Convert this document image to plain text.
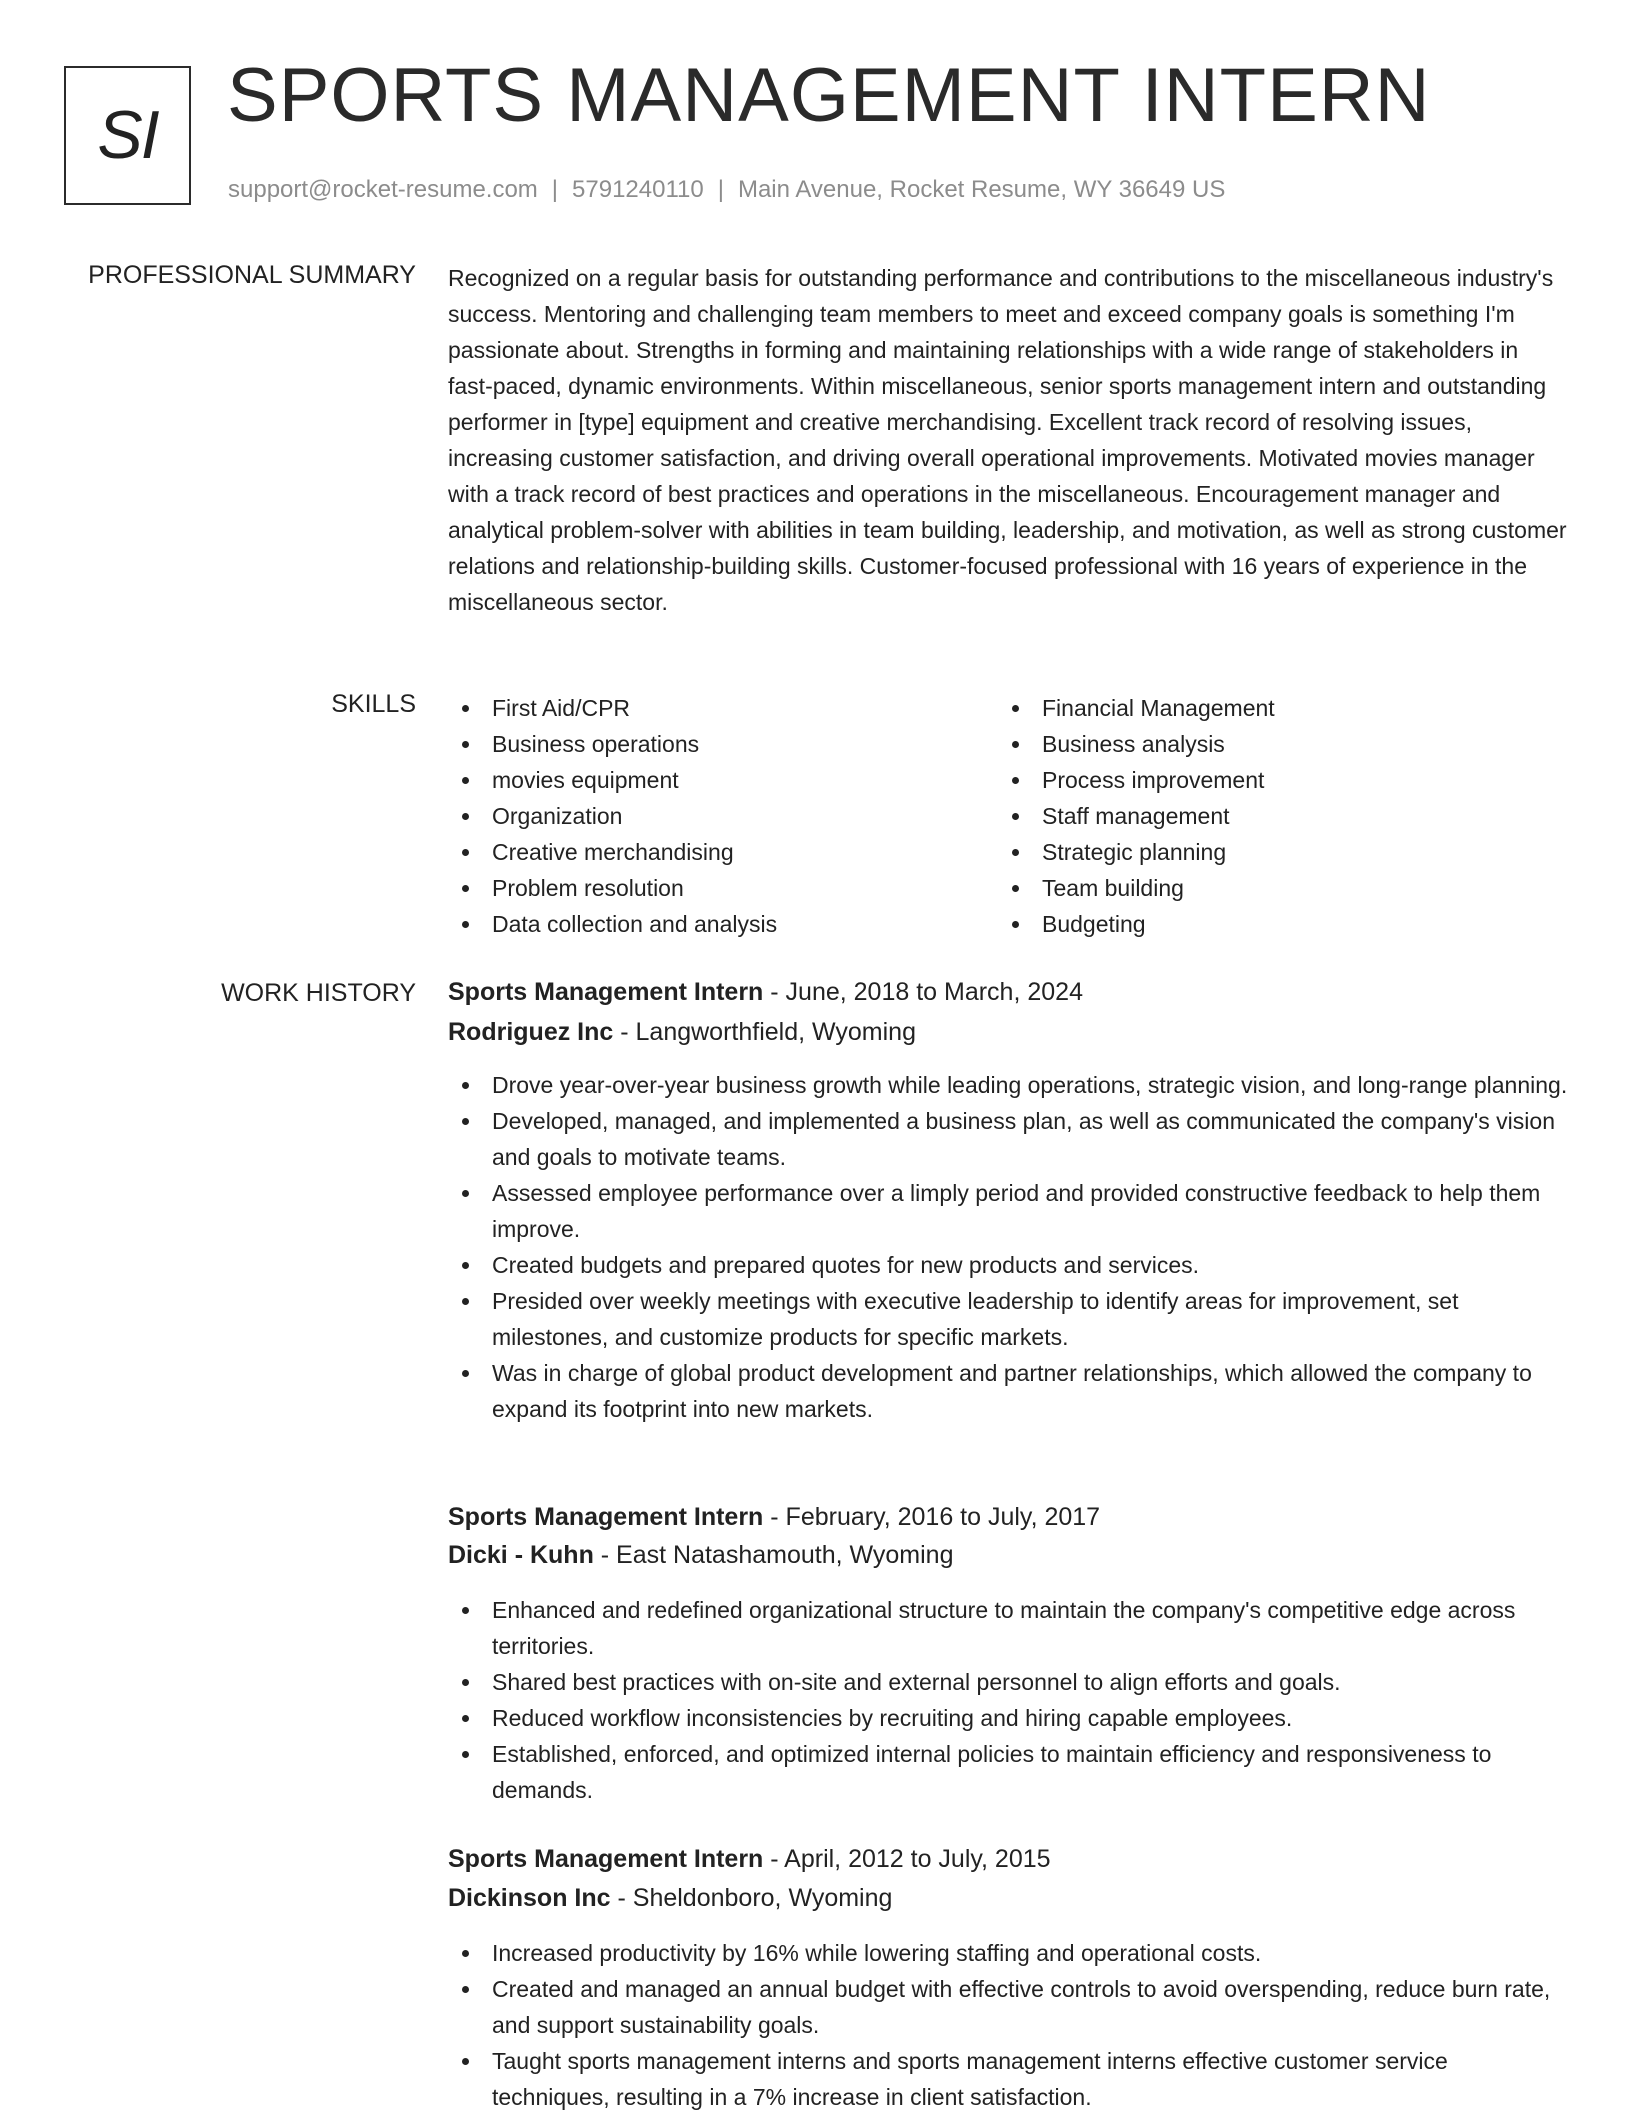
SI SPORTS MANAGEMENT INTERN
support@rocket-resume.com | 5791240110 | Main Avenue, Rocket Resume, WY 36649 US
PROFESSIONAL SUMMARY Recognized on a regular basis for outstanding performance and contributions to the miscellaneous industry's success. Mentoring and challenging team members to meet and exceed company goals is something I'm passionate about. Strengths in forming and maintaining relationships with a wide range of stakeholders in fast-paced, dynamic environments. Within miscellaneous, senior sports management intern and outstanding performer in [type] equipment and creative merchandising. Excellent track record of resolving issues, increasing customer satisfaction, and driving overall operational improvements. Motivated movies manager with a track record of best practices and operations in the miscellaneous. Encouragement manager and analytical problem-solver with abilities in team building, leadership, and motivation, as well as strong customer relations and relationship-building skills. Customer-focused professional with 16 years of experience in the miscellaneous sector.

SKILLS	First Aid/CPR
Business operations
movies equipment
Organization
Creative merchandising
Problem resolution
Data collection and analysis
Financial Management
Business analysis
Process improvement
Staff management
Strategic planning
Team building
Budgeting
WORK HISTORY Sports Management Intern - June, 2018 to March, 2024
Rodriguez Inc - Langworthfield, Wyoming
Drove year-over-year business growth while leading operations, strategic vision, and long-range planning.
Developed, managed, and implemented a business plan, as well as communicated the company's vision and goals to motivate teams.
Assessed employee performance over a limply period and provided constructive feedback to help them improve.
Created budgets and prepared quotes for new products and services.
Presided over weekly meetings with executive leadership to identify areas for improvement, set milestones, and customize products for specific markets.
Was in charge of global product development and partner relationships, which allowed the company to expand its footprint into new markets.
Sports Management Intern - February, 2016 to July, 2017
Dicki - Kuhn - East Natashamouth, Wyoming
Enhanced and redefined organizational structure to maintain the company's competitive edge across territories.
Shared best practices with on-site and external personnel to align efforts and goals.
Reduced workflow inconsistencies by recruiting and hiring capable employees.
Established, enforced, and optimized internal policies to maintain efficiency and responsiveness to demands.
Sports Management Intern - April, 2012 to July, 2015
Dickinson Inc - Sheldonboro, Wyoming
Increased productivity by 16% while lowering staffing and operational costs.
Created and managed an annual budget with effective controls to avoid overspending, reduce burn rate, and support sustainability goals.
Taught sports management interns and sports management interns effective customer service techniques, resulting in a 7% increase in client satisfaction.
